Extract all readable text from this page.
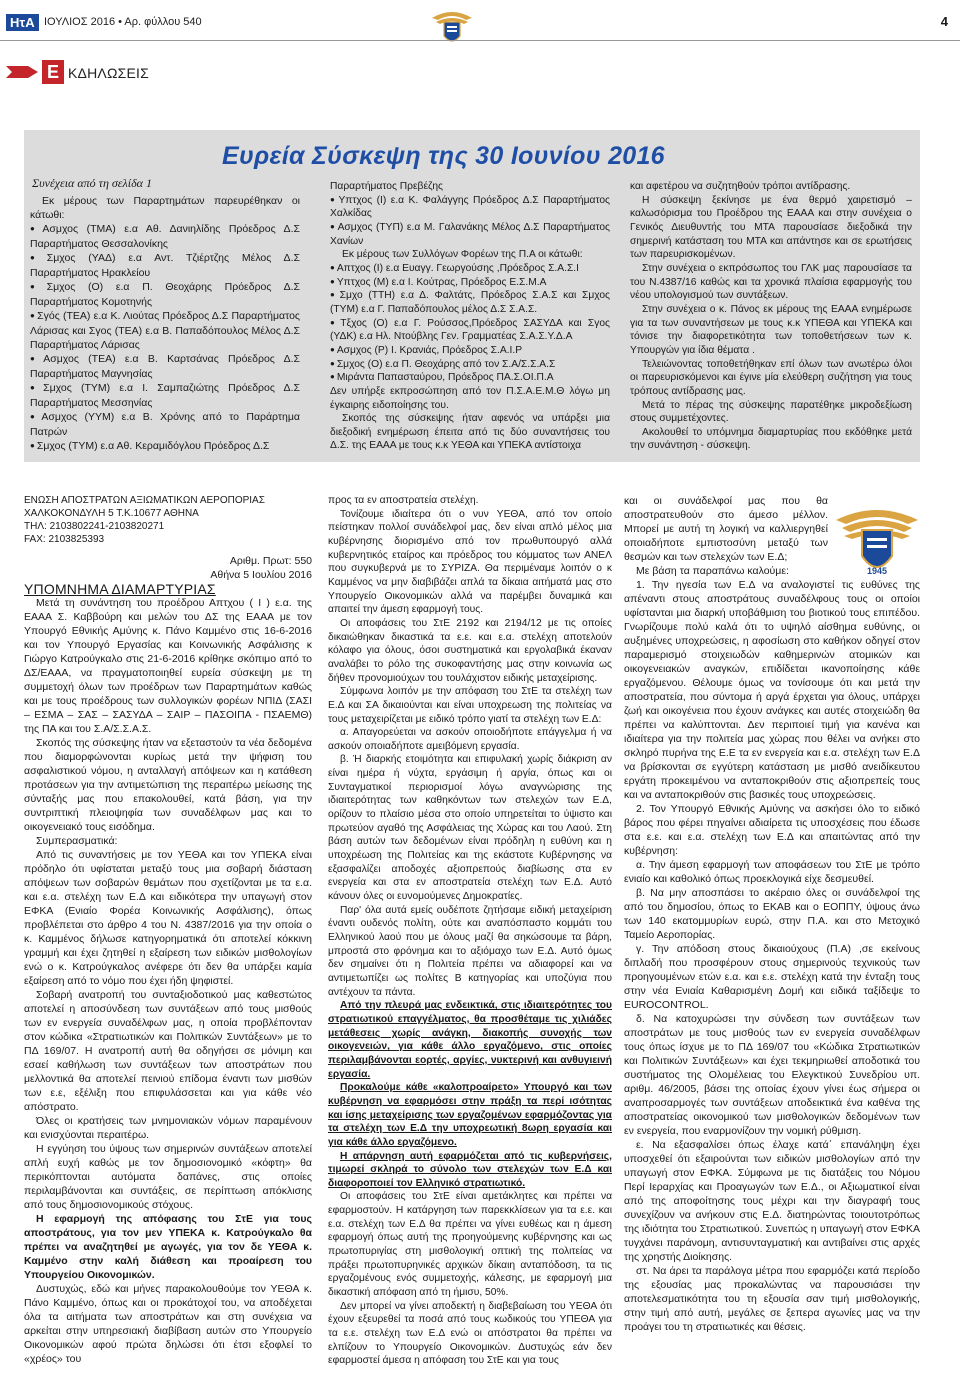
ΗτΑ ΙΟΥΛΙΟΣ 2016 • Αρ. φύλλου 540	4
Ε ΚΔΗΛΩΣΕΙΣ
Ευρεία Σύσκεψη της 30 Ιουνίου 2016
Συνέχεια από τη σελίδα 1

Εκ μέρους των Παραρτημάτων παρευρέθηκαν οι κάτωθι:

● Ασμχος (ΤΜΑ) ε.α Αθ. Δανιηλίδης Πρόεδρος Δ.Σ Παραρτήματος Θεσσαλονίκης

● Σμχος (ΥΑΔ) ε.α Αντ. Τζιέρτζης Μέλος Δ.Σ Παραρτήματος Ηρακλείου

● Σμχος (Ο) ε.α Π. Θεοχάρης Πρόεδρος Δ.Σ Παραρτήματος Κομοτηνής

● Σγός (ΤΕΑ) ε.α Κ. Λιούτας Πρόεδρος Δ.Σ Παραρτήματος Λάρισας και Σγος (ΤΕΑ) ε.α Β. Παπαδόπουλος Μέλος Δ.Σ Παραρτήματος Λάρισας

● Ασμχος (ΤΕΑ) ε.α Β. Καρτσάνας Πρόεδρος Δ.Σ Παραρτήματος Μαγνησίας

● Σμχος (ΤΥΜ) ε.α Ι. Σαμπαζιώτης Πρόεδρος Δ.Σ Παραρτήματος Μεσσηνίας

● Ασμχος (ΥΥΜ) ε.α Β. Χρόνης από το Παράρτημα Πατρών

● Σμχος (ΤΥΜ) ε.α Αθ. Κεραμιδόγλου Πρόεδρος Δ.Σ

Παραρτήματος Πρεβέζης

● Υπτχος (Ι) ε.α Κ. Φαλάγγης Πρόεδρος Δ.Σ Παραρτήματος Χαλκίδας

● Ασμχος (ΤΥΠ) ε.α Μ. Γαλανάκης Μέλος Δ.Σ Παραρτήματος Χανίων

Εκ μέρους των Συλλόγων Φορέων της Π.Α οι κάτωθι:

● Απτχος (Ι) ε.α Ευαγγ. Γεωργούσης ,Πρόεδρος Σ.Α.Σ.Ι

● Υπτχος (Μ) ε.α Ι. Κούτρας, Πρόεδρος Ε.Σ.Μ.Α

● Σμχο (ΤΤΗ) ε.α Δ. Φαλτάτς, Πρόεδρος Σ.Α.Σ και Σμχος (ΤΥΜ) ε.α Γ. Παπαδόπουλος μέλος Δ.Σ Σ.Α.Σ.

● Τξχος (Ο) ε.α Γ. Ρούσσος,Πρόεδρος ΣΑΣΥΔΑ και Σγος (ΥΔΚ) ε.α Ηλ. Ντούβλης Γεν. Γραμματέας Σ.Α.Σ.Υ.Δ.Α

● Ασμχος (Ρ) Ι. Κρανιάς, Πρόεδρος Σ.Α.Ι.Ρ

● Σμχος (Ο) ε.α Π. Θεοχάρης από τον Σ.Α/Σ.Σ.Α.Σ

● Μιράντα Παπασταύρου, Πρόεδρος ΠΑ.Σ.ΟΙ.Π.Α

Δεν υπήρξε εκπροσώπηση από τον Π.Σ.Α.Ε.Μ.Θ λόγω μη έγκαιρης ειδοποίησης του.

Σκοπός της σύσκεψης ήταν αφενός να υπάρξει μια διεξοδική ενημέρωση έπειτα από τις δύο συναντήσεις του Δ.Σ. της ΕΑΑΑ με τους κ.κ ΥΕΘΑ και ΥΠΕΚΑ αντίστοιχα

και αφετέρου να συζητηθούν τρόποι αντίδρασης.

Η σύσκεψη ξεκίνησε με ένα θερμό χαιρετισμό – καλωσόρισμα του Προέδρου της ΕΑΑΑ και στην συνέχεια ο Γενικός Διευθυντής του ΜΤΑ παρουσίασε διεξοδικά την σημερινή κατάσταση του ΜΤΑ και απάντησε και σε ερωτήσεις των παρευρισκομένων.

Στην συνέχεια ο εκπρόσωπος του ΓΛΚ μας παρουσίασε τα του Ν.4387/16 καθώς και τα χρονικά πλαίσια εφαρμογής του νέου υπολογισμού των συντάξεων.

Στην συνέχεια ο κ. Πάνος εκ μέρους της ΕΑΑΑ ενημέρωσε για τα των συναντήσεων με τους κ.κ ΥΠΕΘΑ και ΥΠΕΚΑ και τόνισε την διαφορετικότητα των τοποθετήσεων των κ. Υπουργών για ίδια θέματα .

Τελειώνοντας τοποθετήθηκαν επί όλων των ανωτέρω όλοι οι παρευρισκόμενοι και έγινε μία ελεύθερη συζήτηση για τους τρόπους αντίδρασης μας.

Μετά το πέρας της σύσκεψης παρατέθηκε μικροδεξίωση στους συμμετέχοντες.

Ακολουθεί το υπόμνημα διαμαρτυρίας που εκδόθηκε μετά την συνάντηση - σύσκεψη.

ΕΝΩΣΗ ΑΠΟΣΤΡΑΤΩΝ ΑΞΙΩΜΑΤΙΚΩΝ ΑΕΡΟΠΟΡΙΑΣ

ΧΑΛΚΟΚΟΝΔΥΛΗ 5 Τ.Κ.10677 ΑΘΗΝΑ

ΤΗΛ: 2103802241-2103820271

FAX: 2103825393

Αριθμ. Πρωτ: 550

Αθήνα 5 Ιουλίου 2016

ΥΠΟΜΝΗΜΑ ΔΙΑΜΑΡΤΥΡΙΑΣ

Μετά τη συνάντηση του προέδρου Απτχου ( Ι ) ε.α. της ΕΑΑΑ Σ. Καββούρη και μελών του ΔΣ της ΕΑΑΑ με τον Υπουργό Εθνικής Αμύνης κ. Πάνο Καμμένο στις 16-6-2016 και τον Υπουργό Εργασίας και Κοινωνικής Ασφάλισης κ Γιώργο Κατρούγκαλο στις 21-6-2016 κρίθηκε σκόπιμο από το ΔΣ/ΕΑΑΑ, να πραγματοποιηθεί ευρεία σύσκεψη με τη συμμετοχή όλων των προέδρων των Παραρτημάτων καθώς και με τους προέδρους των συλλογικών φορέων ΝΠΙΔ (ΣΑΣΙ – ΕΣΜΑ – ΣΑΣ – ΣΑΣΥΔΑ – ΣΑΙΡ – ΠΑΣΟΙΠΑ - ΠΣΑΕΜΘ) της ΠΑ και του Σ.Α/Σ.Σ.Α.Σ.

Σκοπός της σύσκεψης ήταν να εξεταστούν τα νέα δεδομένα που διαμορφώνονται κυρίως μετά την ψήφιση του ασφαλιστικού νόμου, η ανταλλαγή απόψεων και η κατάθεση προτάσεων για την αντιμετώπιση της περαιτέρω μείωσης της σύνταξής μας που επακολουθεί, κατά βάση, για την συντριπτική πλειοψηφία των συναδέλφων μας και το οικογενειακό τους εισόδημα.

Συμπερασματικά:

Από τις συναντήσεις με τον ΥΕΘΑ και τον ΥΠΕΚΑ είναι πρόδηλο ότι υφίσταται μεταξύ τους μια σοβαρή διάσταση απόψεων των σοβαρών θεμάτων που σχετίζονται με τα ε.α. και ε.α. στελέχη των Ε.Δ και ειδικότερα την υπαγωγή στον ΕΦΚΑ (Ενιαίο Φορέα Κοινωνικής Ασφάλισης), όπως προβλέπεται στο άρθρο 4 του Ν. 4387/2016 για την οποία ο κ. Καμμένος δήλωσε κατηγορηματικά ότι αποτελεί κόκκινη γραμμή και έχει ζητηθεί η εξαίρεση των ειδικών μισθολογίων ενώ ο κ. Κατρούγκαλος ανέφερε ότι δεν θα υπάρξει καμία εξαίρεση από το νόμο που έχει ήδη ψηφιστεί.

Σοβαρή ανατροπή του συνταξιοδοτικού μας καθεστώτος αποτελεί η αποσύνδεση των συντάξεων από τους μισθούς των εν ενεργεία συναδέλφων μας, η οποία προβλέπονταν στον κώδικα «Στρατιωτικών και Πολιτικών Συντάξεων» με το ΠΔ 169/07. Η ανατροπή αυτή θα οδηγήσει σε μόνιμη και εσαεί καθήλωση των συντάξεων των αποστράτων που μελλοντικά θα αποτελεί πεινιού επίδομα έναντι των μισθών των ε.ε, εξέλιξη που επιφυλάσσεται και για κάθε νέο απόστρατο.

Όλες οι κρατήσεις των μνημονιακών νόμων παραμένουν και ενισχύονται περαιτέρω.

Η εγγύηση του ύψους των σημερινών συντάξεων αποτελεί απλή ευχή καθώς με τον δημοσιονομικό «κόφτη» θα περικόπτονται αυτόματα δαπάνες, στις οποίες περιλαμβάνονται και συντάξεις, σε περίπτωση απόκλισης από τους δημοσιονομικούς στόχους.

Η εφαρμογή της απόφασης του ΣτΕ για τους αποστράτους, για τον μεν ΥΠΕΚΑ κ. Κατρούγκαλο θα πρέπει να αναζητηθεί με αγωγές, για τον δε ΥΕΘΑ κ. Καμμένο στην καλή διάθεση και προαίρεση του Υπουργείου Οικονομικών.

Δυστυχώς, εδώ και μήνες παρακολουθούμε τον ΥΕΘΑ κ. Πάνο Καμμένο, όπως και οι προκάτοχοί του, να αποδέχεται όλα τα αιτήματα των αποστράτων και στη συνέχεια να αρκείται στην υπηρεσιακή διαβίβαση αυτών στο Υπουργείο Οικονομικών αφού πρώτα δηλώσει ότι έτσι εξοφλεί το «χρέος» του

προς τα εν αποστρατεία στελέχη.

Τονίζουμε ιδιαίτερα ότι ο νυν ΥΕΘΑ, από τον οποίο πείστηκαν πολλοί συνάδελφοί μας, δεν είναι απλό μέλος μια κυβέρνησης διορισμένο από τον πρωθυπουργό αλλά κυβερνητικός εταίρος και πρόεδρος του κόμματος των ΑΝΕΛ που συγκυβερνά με το ΣΥΡΙΖΑ. Θα περιμέναμε λοιπόν ο κ Καμμένος να μην διαβιβάζει απλά τα δίκαια αιτήματά μας στο Υπουργείο Οικονομικών αλλά να παρέμβει δυναμικά και απαιτεί την άμεση εφαρμογή τους.

Οι αποφάσεις του ΣτΕ 2192 και 2194/12 με τις οποίες δικαιώθηκαν δικαστικά τα ε.ε. και ε.α. στελέχη αποτελούν κόλαφο για όλους, όσοι συστηματικά και εργολαβικά έκαναν αναλάβει το ρόλο της συκοφαντήσης μας στην κοινωνία ως δήθεν προνομιούχων του τουλάχιστον ειδικής μεταχείρισης.

Σύμφωνα λοιπόν με την απόφαση του ΣτΕ τα στελέχη των Ε.Δ και ΣΑ δικαιούνται και είναι υποχρεωση της πολιτείας να τους μεταχειρίζεται με ειδικό τρόπο γιατί τα στελέχη των Ε.Δ:

α. Απαγορεύεται να ασκούν οποιοδήποτε επάγγελμα ή να ασκούν οποιαδήποτε αμειβόμενη εργασία.

β. Ή διαρκής ετοιμότητα και επιφυλακή χωρίς διάκριση αν είναι ημέρα ή νύχτα, εργάσιμη ή αργία, όπως και οι Συνταγματικοί περιορισμοί λόγω αναγνώρισης της ιδιαιτερότητας των καθηκόντων των στελεχών των Ε.Δ, ορίζουν το πλαίσιο μέσα στο οποίο υπηρετείται το ύψιστο και πρωτεύον αγαθό της Ασφάλειας της Χώρας και του Λαού. Στη βάση αυτών των δεδομένων είναι πρόδηλη η ευθύνη και η υποχρέωση της Πολιτείας και της εκάστοτε Κυβέρνησης να εξασφαλίζει αποδοχές αξιοπρεπούς διαβίωσης στα εν ενεργεία και στα εν αποστρατεία στελέχη των Ε.Δ. Αυτό κάνουν όλες οι ευνομούμενες Δημοκρατίες.

Παρ' όλα αυτά εμείς ουδέποτε ζητήσαμε ειδική μεταχείριση έναντι ουδενός πολίτη, ούτε και αναπόσπαστο κομμάτι του Ελληνικού λαού που με όλους μαζί θα σηκώσουμε τα βάρη, μπροστά στο φρόνημα και το αξιόμαχο των Ε.Δ. Αυτό όμως δεν σημαίνει ότι η Πολιτεία πρέπει να αδιαφορεί και να αντιμετωπίζει ως πολίτες Β κατηγορίας και υποζύγια που αντέχουν τα πάντα.

Από την πλευρά μας ενδεικτικά, στις ιδιαιτερότητες του στρατιωτικού επαγγέλματος, θα προσθέταμε τις χιλιάδες μετάθεσεις χωρίς ανάγκη, διακοπής συνοχής των οικογενειών, για κάθε άλλο εργαζόμενο, στις οποίες περιλαμβάνονται εορτές, αργίες, νυκτερινή και ανθυγιεινή εργασία.

Προκαλούμε κάθε «καλοπροαίρετο» Υπουργό και των κυβέρνηση να εφαρμόσει στην πράξη τα περί ισότητας και ίσης μεταχείρισης των εργαζομένων εφαρμόζοντας για τα στελέχη των Ε.Δ την υποχρεωτική 8ωρη εργασία και για κάθε άλλο εργαζόμενο.

Η απάρνηση αυτή εφαρμόζεται από τις κυβερνήσεις, τιμωρεί σκληρά το σύνολο των στελεχών των Ε.Δ και διαφοροποιεί τον Ελληνικό στρατιωτικό.

Οι αποφάσεις του ΣτΕ είναι αμετάκλητες και πρέπει να εφαρμοστούν. Η κατάργηση των παρεκκλίσεων για τα ε.ε. και ε.α. στελέχη των Ε.Δ θα πρέπει να γίνει ευθέως και η άμεση εφαρμογή όπως αυτή της προηγούμενης κυβέρνησης και ως πρωτοπυριγίας στη μισθολογική οπτική της πολιτείας να πράξει πρωτοπυρηνικές αρχικών δίκαιη ανταπόδοση, τα τις εργαζομένους ενός συμμετοχής, κάλεσης, με εφαρμογή μια δικαστική απόφαση από τη ήμισυ, 50%.

Δεν μπορεί να γίνει αποδεκτή η διαβεβαίωση του ΥΕΘΑ ότι έχουν εξευρεθεί τα ποσά από τους κωδικούς του ΥΠΕΘΑ για τα ε.ε. στελέχη των Ε.Δ ενώ οι απόστρατοι θα πρέπει να ελπίζουν το Υπουργείο Οικονομικών. Δυστυχώς εάν δεν εφαρμοστεί άμεσα η απόφαση του ΣτΕ και για τους

1945

και οι συνάδελφοί μας που θα αποστρατευθούν στο άμεσο μέλλον. Μπορεί με αυτή τη λογική να καλλιεργηθεί οποιαδήποτε εμπιστοσύνη μεταξύ των θεσμών και των στελεχών των Ε.Δ;

Με βάση τα παραπάνω καλούμε:

1. Την ηγεσία των Ε.Δ να αναλογιστεί τις ευθύνες της απέναντι στους αποστράτους συναδέλφους τους οι οποίοι υφίστανται μια διαρκή υποβάθμιση του βιοτικού τους επιπέδου. Γνωρίζουμε πολύ καλά ότι το υψηλό αίσθημα ευθύνης, οι αυξημένες υποχρεώσεις, η αφοσίωση στο καθήκον οδηγεί στον παραμερισμό στοιχειωδών καθημερινών ατομικών και οικογενειακών αναγκών, επιδίδεται ικανοποίησης κάθε εργαζόμενου. Θέλουμε όμως να τονίσουμε ότι και μετά την αποστρατεία, που σύντομα ή αργά έρχεται για όλους, υπάρχει ζωή και οικογένεια που έχουν ανάγκες και αυτές στοιχειώδη θα πρέπει να καλύπτονται. Δεν περιποιεί τιμή για κανένα και ιδιαίτερα για την πολιτεία μας χώρας που θέλει να ανήκει στο σκληρό πυρήνα της Ε.Ε τα εν ενεργεία και ε.α. στελέχη των Ε.Δ να βρίσκονται σε εγγύτερη κατάσταση με μισθό ανειδίκευτου εργάτη προκειμένου να ανταποκριθούν στις αξιοπρεπείς τους και να ανταποκριθούν στις βασικές τους υποχρεώσεις.

2. Τον Υπουργό Εθνικής Αμύνης να ασκήσει όλο το ειδικό βάρος που φέρει πηγαίνει αδιαίρετα τις υποσχέσεις που έδωσε στα ε.ε. και ε.α. στελέχη των Ε.Δ και απαιτώντας από την κυβέρνηση:

α. Την άμεση εφαρμογή των αποφάσεων του ΣτΕ με τρόπο ενιαίο και καθολικό όπως προεκλογικά είχε δεσμευθεί.

β. Να μην αποσπάσει το ακέραιο όλες οι συνάδελφοί της από του δημοσίου, όπως το ΕΚΑΒ και ο ΕΟΠΠΥ, ύψους άνω των 140 εκατομμυρίων ευρώ, στην Π.Α. και στο Μετοχικό Ταμείο Αεροπορίας.

γ. Την απόδοση στους δικαιούχους (Π.Α) ,σε εκείνους διπλαδή που προσφέρουν στους σημερινούς τεχνικούς των προηγουμένων ετών ε.α. και ε.ε. στελέχη κατά την ένταξη τους στην νέα Ενιαία Καθαρισμένη Δομή και ειδικά ταξίδεψε το EUROCONTROL.

δ. Να κατοχυρώσει την σύνδεση των συντάξεων των αποστράτων με τους μισθούς των εν ενεργεία συναδέλφων τους όπως ίσχυε με το ΠΔ 169/07 του «Κώδικα Στρατιωτικών και Πολιτικών Συντάξεων» και έχει τεκμηριωθεί αποδοτικά του συστήματος της Ολομέλειας του Ελεγκτικού Συνεδρίου υπ. αριθμ. 46/2005, βάσει της οποίας έχουν γίνει έως σήμερα οι αναπροσαρμογές των συντάξεων αποδεικτικά ένα καθένα της αποστρατείας οικονομικού των μισθολογικών δεδομένων των εν ενεργεία, που εναρμονίζουν την νομική ρύθμιση.

ε. Να εξασφαλίσει όπως έλαχε κατά΄ επανάληψη έχει υποσχεθεί ότι εξαιρούνται των ειδικών μισθολογίων από την υπαγωγή στον ΕΦΚΑ. Σύμφωνα με τις διατάξεις του Νόμου Περί Ιεραρχίας και Προαγωγών των Ε.Δ., οι Αξιωματικοί είναι από της αποφοίτησης τους μέχρι και την διαγραφή τους συνεχίζουν να ανήκουν στις Ε.Δ. διατηρώντας τοιουτοτρόπως της ιδιότητα του Στρατιωτικού. Συνεπώς η υπαγωγή στον ΕΦΚΑ τυγχάνει παράνομη, αντισυνταγματική και αντιβαίνει στις αρχές της χρηστής Διοίκησης.

στ. Να άρει τα παράλογα μέτρα που εφαρμόζει κατά περίοδο της εξουσίας μας προκαλώντας να παρουσιάσει την αποτελεσματικότητα του τη εξουσία σαν τιμή μισθολογικής, στην τιμή από αυτή, μεγάλες σε ξεπερα αγωνίες μας να την προάγει του τη στρατιωτικές και θέσεις.
